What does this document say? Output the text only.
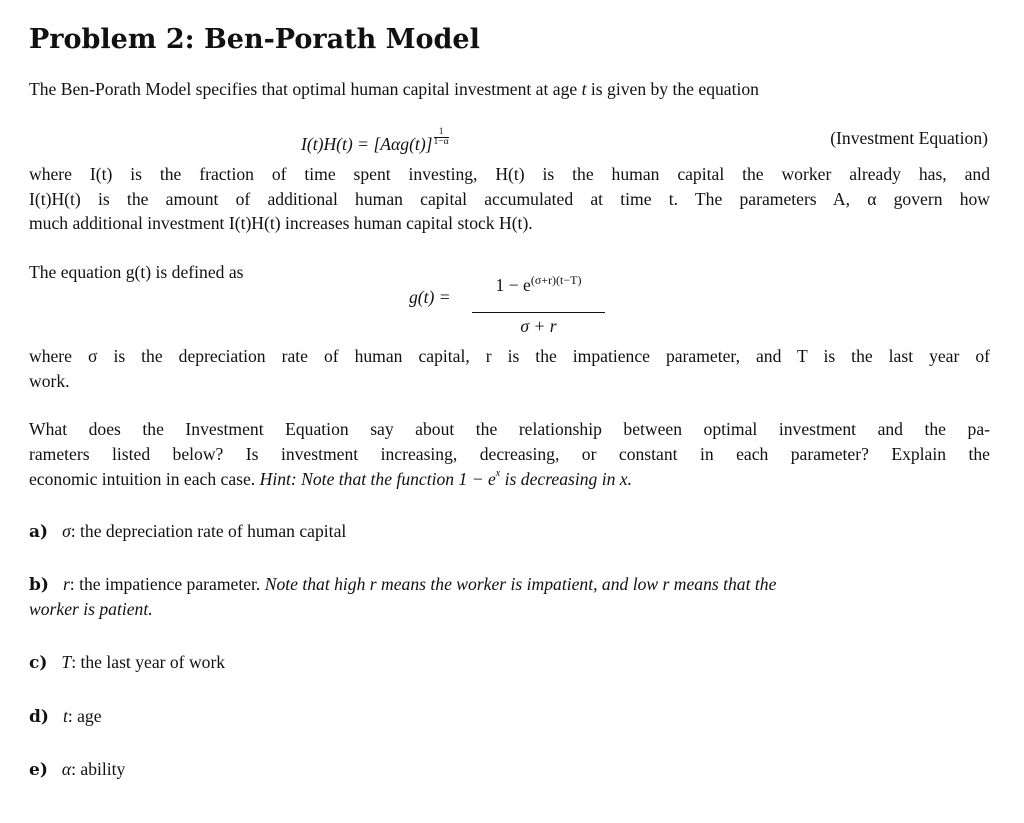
Problem 2: Ben-Porath Model
The Ben-Porath Model specifies that optimal human capital investment at age t is given by the equation
$I(t)H(t) = [A\alpha g(t)] \frac{1}{1-\alpha}$	(Investment Equation)
where I(t) is the fraction of time spent investing, H(t) is the human capital the worker already has, and
I(t)H(t) is the amount of additional human capital accumulated at time t. The parameters A, α govern how
much additional investment I(t)H(t) increases human capital stock H(t).
The equation g(t) is defined as
g(t) =
$1 - e^{(\sigma+r)(t-T)}$
σ + r
where σ is the depreciation rate of human capital, r is the impatience parameter, and T is the last year of
work.
What does the Investment Equation say about the relationship between optimal investment and the pa-
rameters listed below? Is investment increasing, decreasing, or constant in each parameter? Explain the
economic intuition in each case. Hint: Note that the function $1 - e^x$ is decreasing in x.
a) σ: the depreciation rate of human capital
b) r: the impatience parameter. Note that high r means the worker is impatient, and low r means that the
worker is patient.
c) T: the last year of work
d) t: age
e) α: ability
